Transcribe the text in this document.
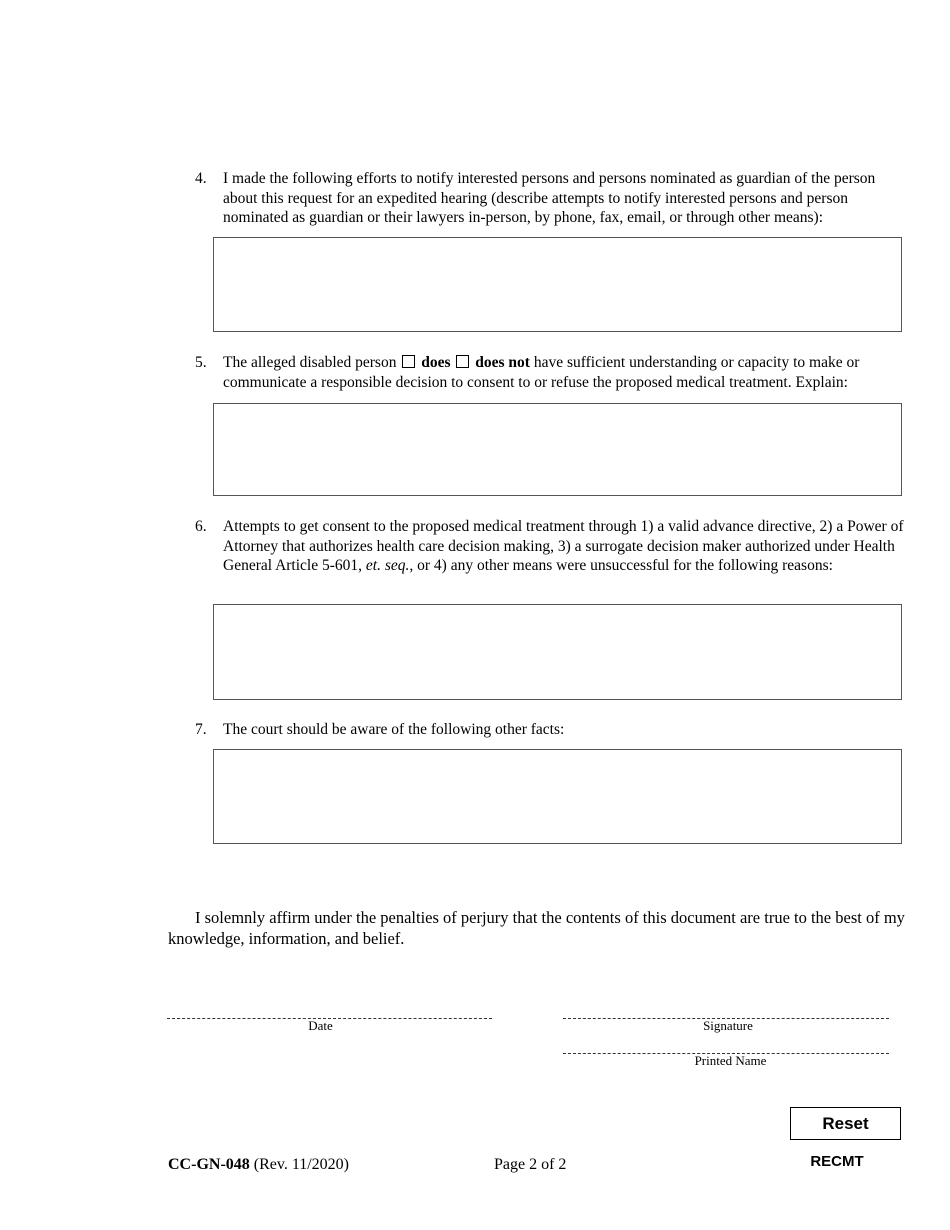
4. I made the following efforts to notify interested persons and persons nominated as guardian of the person about this request for an expedited hearing (describe attempts to notify interested persons and person nominated as guardian or their lawyers in-person, by phone, fax, email, or through other means):
5. The alleged disabled person does does not have sufficient understanding or capacity to make or communicate a responsible decision to consent to or refuse the proposed medical treatment. Explain:
6. Attempts to get consent to the proposed medical treatment through 1) a valid advance directive, 2) a Power of Attorney that authorizes health care decision making, 3) a surrogate decision maker authorized under Health General Article 5-601, et. seq., or 4) any other means were unsuccessful for the following reasons:
7. The court should be aware of the following other facts:
I solemnly affirm under the penalties of perjury that the contents of this document are true to the best of my knowledge, information, and belief.
Date	Signature
Printed Name
Reset
RECMT
CC-GN-048 (Rev. 11/2020)	Page 2 of 2
